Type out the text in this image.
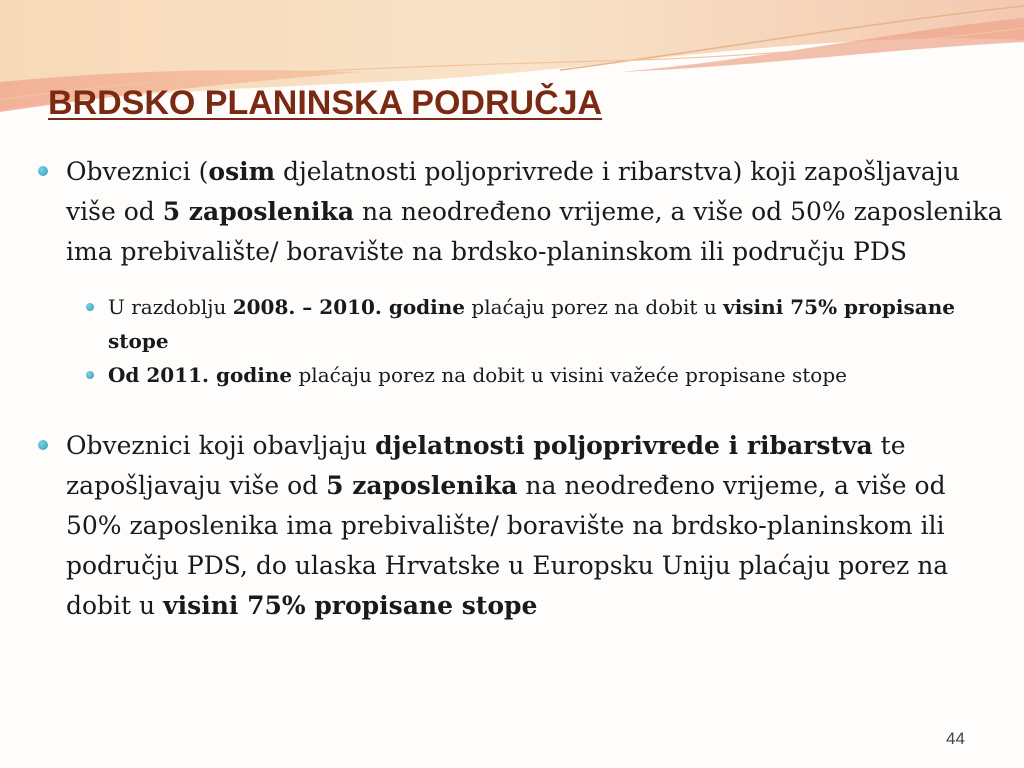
BRDSKO PLANINSKA PODRUČJA
Obveznici (osim djelatnosti poljoprivrede i ribarstva) koji zapošljavaju više od 5 zaposlenika na neodređeno vrijeme, a više od 50% zaposlenika ima prebivalište/ boravište na brdsko-planinskom ili području PDS
U razdoblju 2008. – 2010. godine plaćaju porez na dobit u visini 75% propisane stope
Od 2011. godine plaćaju porez na dobit u visini važeće propisane stope
Obveznici koji obavljaju djelatnosti poljoprivrede i ribarstva te zapošljavaju više od 5 zaposlenika na neodređeno vrijeme, a više od 50% zaposlenika ima prebivalište/ boravište na brdsko-planinskom ili području PDS, do ulaska Hrvatske u Europsku Uniju plaćaju porez na dobit u visini 75% propisane stope
44
